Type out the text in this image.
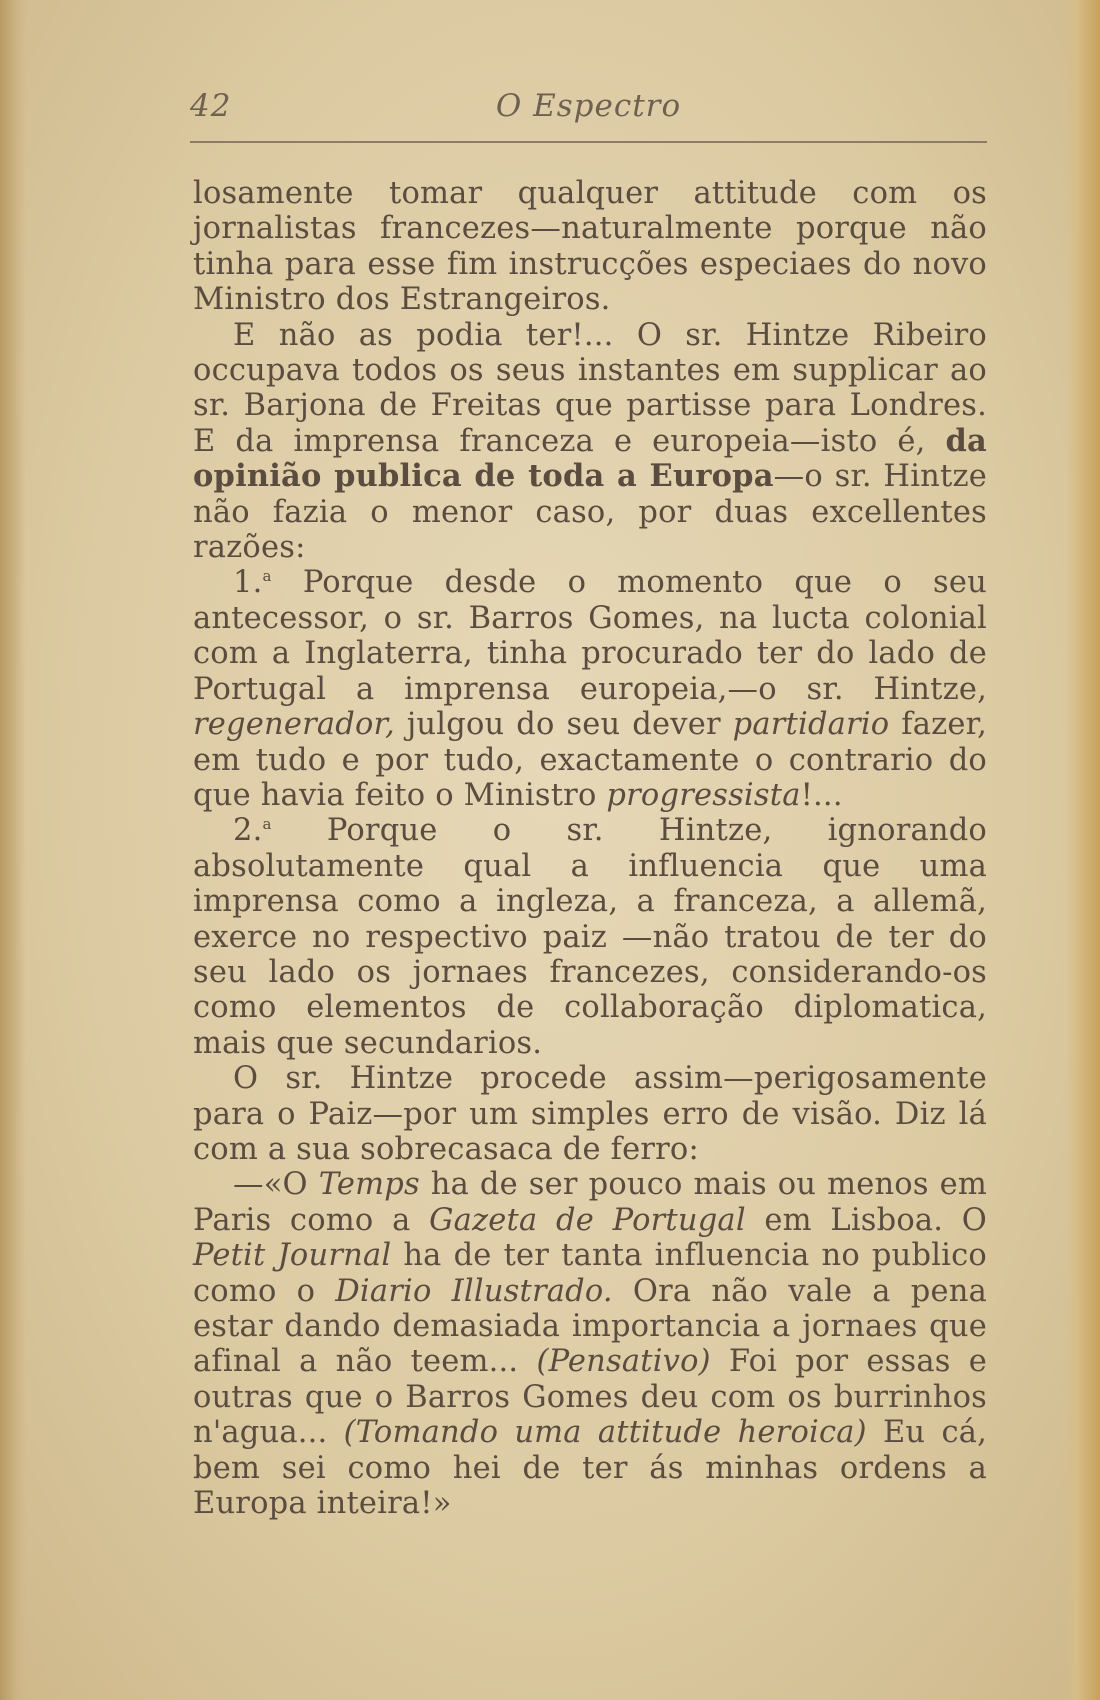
42	O Espectro

losamente tomar qualquer attitude com os jornalistas francezes—naturalmente porque não tinha para esse fim instrucções especiaes do novo Ministro dos Estrangeiros.

E não as podia ter!... O sr. Hintze Ribeiro occupava todos os seus instantes em supplicar ao sr. Barjona de Freitas que partisse para Londres. E da imprensa franceza e europeia—isto é, da opinião publica de toda a Europa—o sr. Hintze não fazia o menor caso, por duas excellentes razões:

1.$^a$ Porque desde o momento que o seu antecessor, o sr. Barros Gomes, na lucta colonial com a Inglaterra, tinha procurado ter do lado de Portugal a imprensa europeia,—o sr. Hintze, regenerador, julgou do seu dever partidario fazer, em tudo e por tudo, exactamente o contrario do que havia feito o Ministro progressista!...

2.$^a$ Porque o sr. Hintze, ignorando absolutamente qual a influencia que uma imprensa como a ingleza, a franceza, a allemã, exerce no respectivo paiz —não tratou de ter do seu lado os jornaes francezes, considerando-os como elementos de collaboração diplomatica, mais que secundarios.

O sr. Hintze procede assim—perigosamente para o Paiz—por um simples erro de visão. Diz lá com a sua sobrecasaca de ferro:

—«O Temps ha de ser pouco mais ou menos em Paris como a Gazeta de Portugal em Lisboa. O Petit Journal ha de ter tanta influencia no publico como o Diario Illustrado. Ora não vale a pena estar dando demasiada importancia a jornaes que afinal a não teem... (Pensativo) Foi por essas e outras que o Barros Gomes deu com os burrinhos n'agua... (Tomando uma attitude heroica) Eu cá, bem sei como hei de ter ás minhas ordens a Europa inteira!»
